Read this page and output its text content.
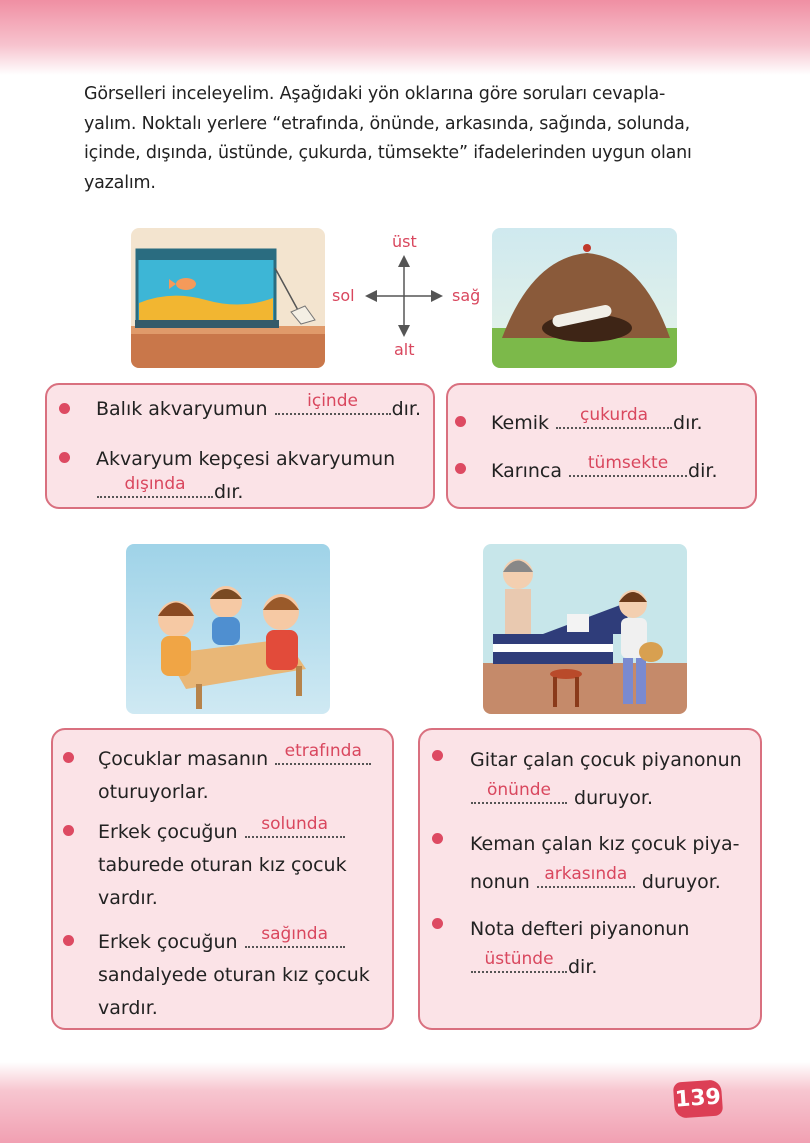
Görselleri inceleyelim. Aşağıdaki yön oklarına göre soruları cevapla-
yalım. Noktalı yerlere “etrafında, önünde, arkasında, sağında, solunda,
içinde, dışında, üstünde, çukurda, tümsekte” ifadelerinden uygun olanı
yazalım.
üst
alt
sol	sağ
Balık akvaryumun	içinde	dır.
Akvaryum kepçesi akvaryumun
dışında	dır.
Kemik	çukurda	dır.
Karınca	tümsekte	dir.
Çocuklar masanın etrafında
oturuyorlar.
Erkek çocuğun	solunda
taburede oturan kız çocuk
vardır.
Erkek çocuğun	sağında
sandalyede oturan kız çocuk
vardır.
Gitar çalan çocuk piyanonun
önünde	duruyor.
Keman çalan kız çocuk piya-
nonun arkasında duruyor.
Nota defteri piyanonun
üstünde dir.
139
